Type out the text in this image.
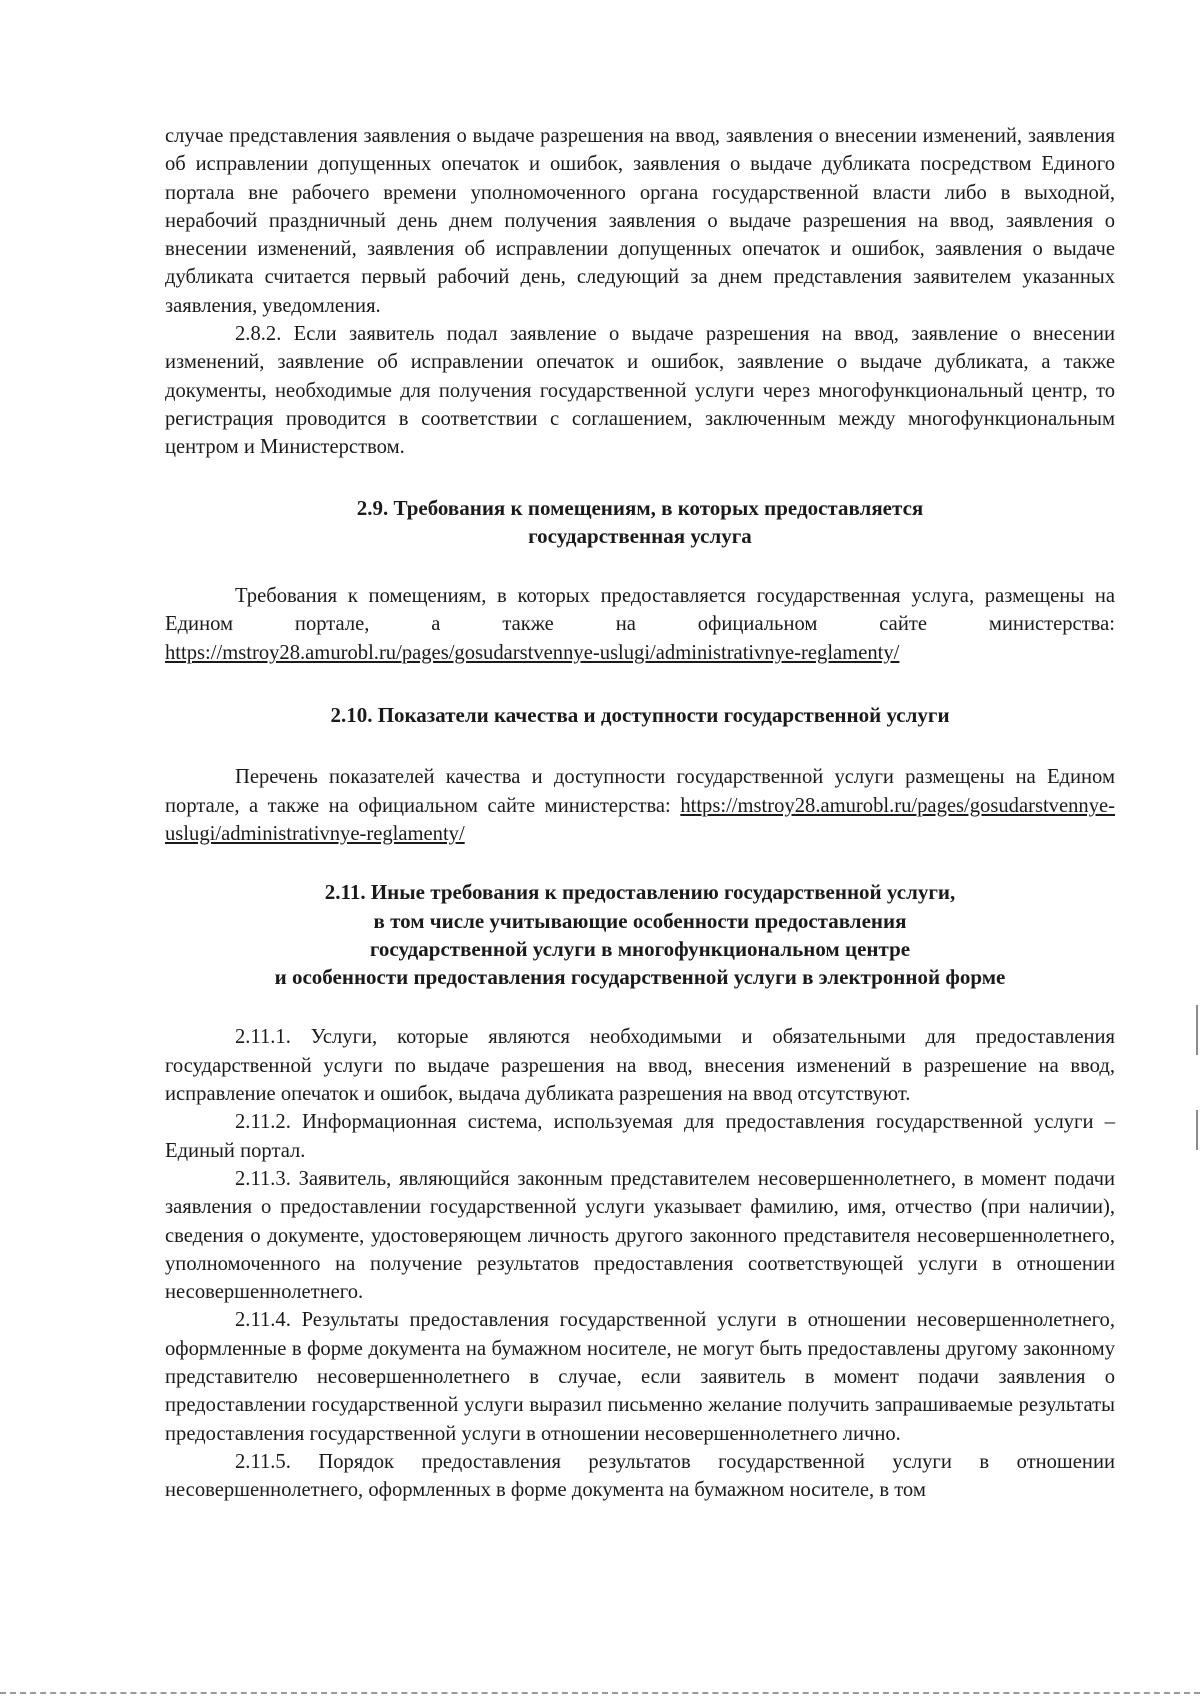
случае представления заявления о выдаче разрешения на ввод, заявления о внесении изменений, заявления об исправлении допущенных опечаток и ошибок, заявления о выдаче дубликата посредством Единого портала вне рабочего времени уполномоченного органа государственной власти либо в выходной, нерабочий праздничный день днем получения заявления о выдаче разрешения на ввод, заявления о внесении изменений, заявления об исправлении допущенных опечаток и ошибок, заявления о выдаче дубликата считается первый рабочий день, следующий за днем представления заявителем указанных заявления, уведомления.

2.8.2. Если заявитель подал заявление о выдаче разрешения на ввод, заявление о внесении изменений, заявление об исправлении опечаток и ошибок, заявление о выдаче дубликата, а также документы, необходимые для получения государственной услуги через многофункциональный центр, то регистрация проводится в соответствии с соглашением, заключенным между многофункциональным центром и Министерством.

2.9. Требования к помещениям, в которых предоставляется

государственная услуга

Требования к помещениям, в которых предоставляется государственная услуга, размещены на Едином портале, а также на официальном сайте министерства: https://mstroy28.amurobl.ru/pages/gosudarstvennye-uslugi/administrativnye-reglamenty/

2.10. Показатели качества и доступности государственной услуги

Перечень показателей качества и доступности государственной услуги размещены на Едином портале, а также на официальном сайте министерства: https://mstroy28.amurobl.ru/pages/gosudarstvennye-uslugi/administrativnye-reglamenty/

2.11. Иные требования к предоставлению государственной услуги,

в том числе учитывающие особенности предоставления

государственной услуги в многофункциональном центре

и особенности предоставления государственной услуги в электронной форме

2.11.1. Услуги, которые являются необходимыми и обязательными для предоставления государственной услуги по выдаче разрешения на ввод, внесения изменений в разрешение на ввод, исправление опечаток и ошибок, выдача дубликата разрешения на ввод отсутствуют.

2.11.2. Информационная система, используемая для предоставления государственной услуги – Единый портал.

2.11.3. Заявитель, являющийся законным представителем несовершеннолетнего, в момент подачи заявления о предоставлении государственной услуги указывает фамилию, имя, отчество (при наличии), сведения о документе, удостоверяющем личность другого законного представителя несовершеннолетнего, уполномоченного на получение результатов предоставления соответствующей услуги в отношении несовершеннолетнего.

2.11.4. Результаты предоставления государственной услуги в отношении несовершеннолетнего, оформленные в форме документа на бумажном носителе, не могут быть предоставлены другому законному представителю несовершеннолетнего в случае, если заявитель в момент подачи заявления о предоставлении государственной услуги выразил письменно желание получить запрашиваемые результаты предоставления государственной услуги в отношении несовершеннолетнего лично.

2.11.5. Порядок предоставления результатов государственной услуги в отношении несовершеннолетнего, оформленных в форме документа на бумажном носителе, в том
